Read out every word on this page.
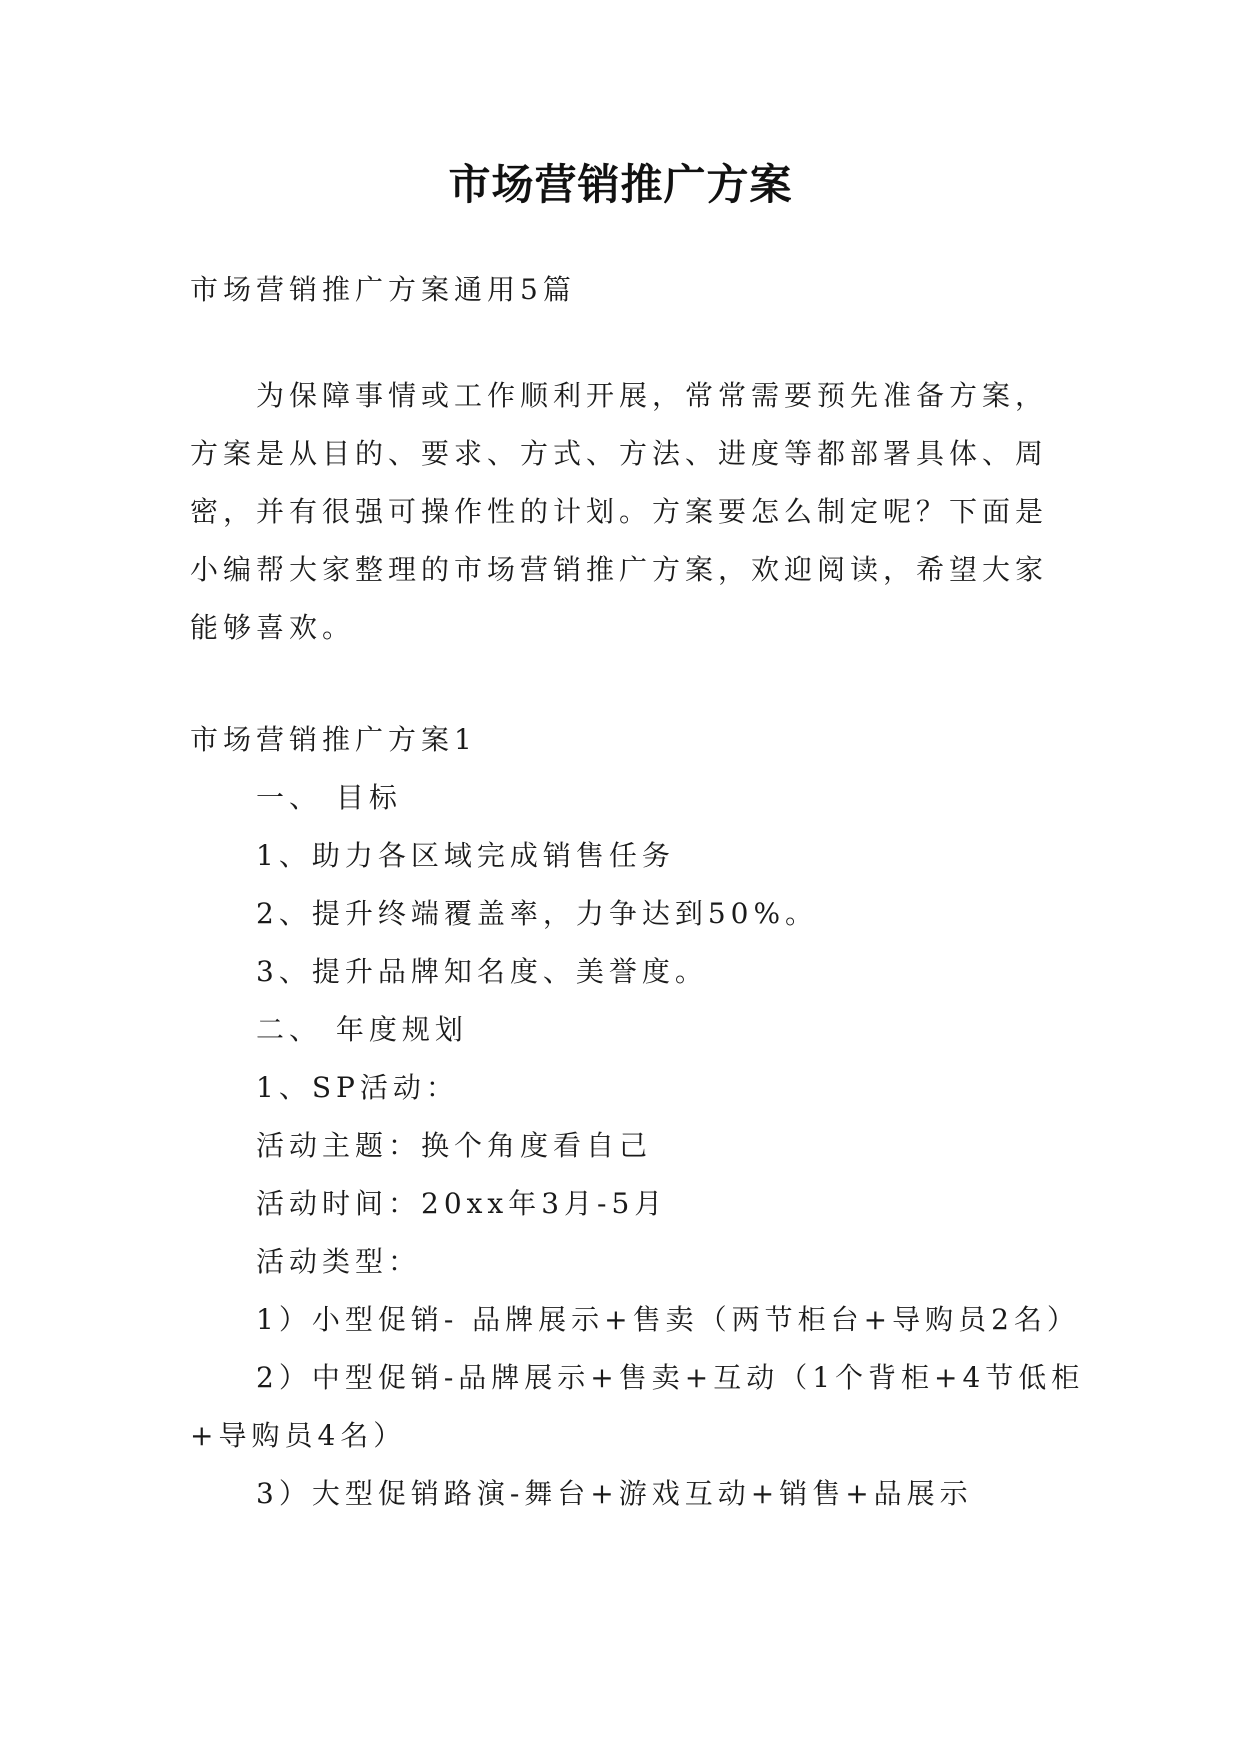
市场营销推广方案
市场营销推广方案通用5篇
为保障事情或工作顺利开展，常常需要预先准备方案，
方案是从目的、要求、方式、方法、进度等都部署具体、周
密，并有很强可操作性的计划。方案要怎么制定呢？下面是
小编帮大家整理的市场营销推广方案，欢迎阅读，希望大家
能够喜欢。
市场营销推广方案1
一、 目标
1、助力各区域完成销售任务
2、提升终端覆盖率，力争达到50%。
3、提升品牌知名度、美誉度。
二、 年度规划
1、SP活动：
活动主题：换个角度看自己
活动时间：20xx年3月-5月
活动类型：
1）小型促销- 品牌展示+售卖（两节柜台+导购员2名）
2）中型促销-品牌展示+售卖+互动（1个背柜+4节低柜
+导购员4名）
3）大型促销路演-舞台+游戏互动+销售+品展示
